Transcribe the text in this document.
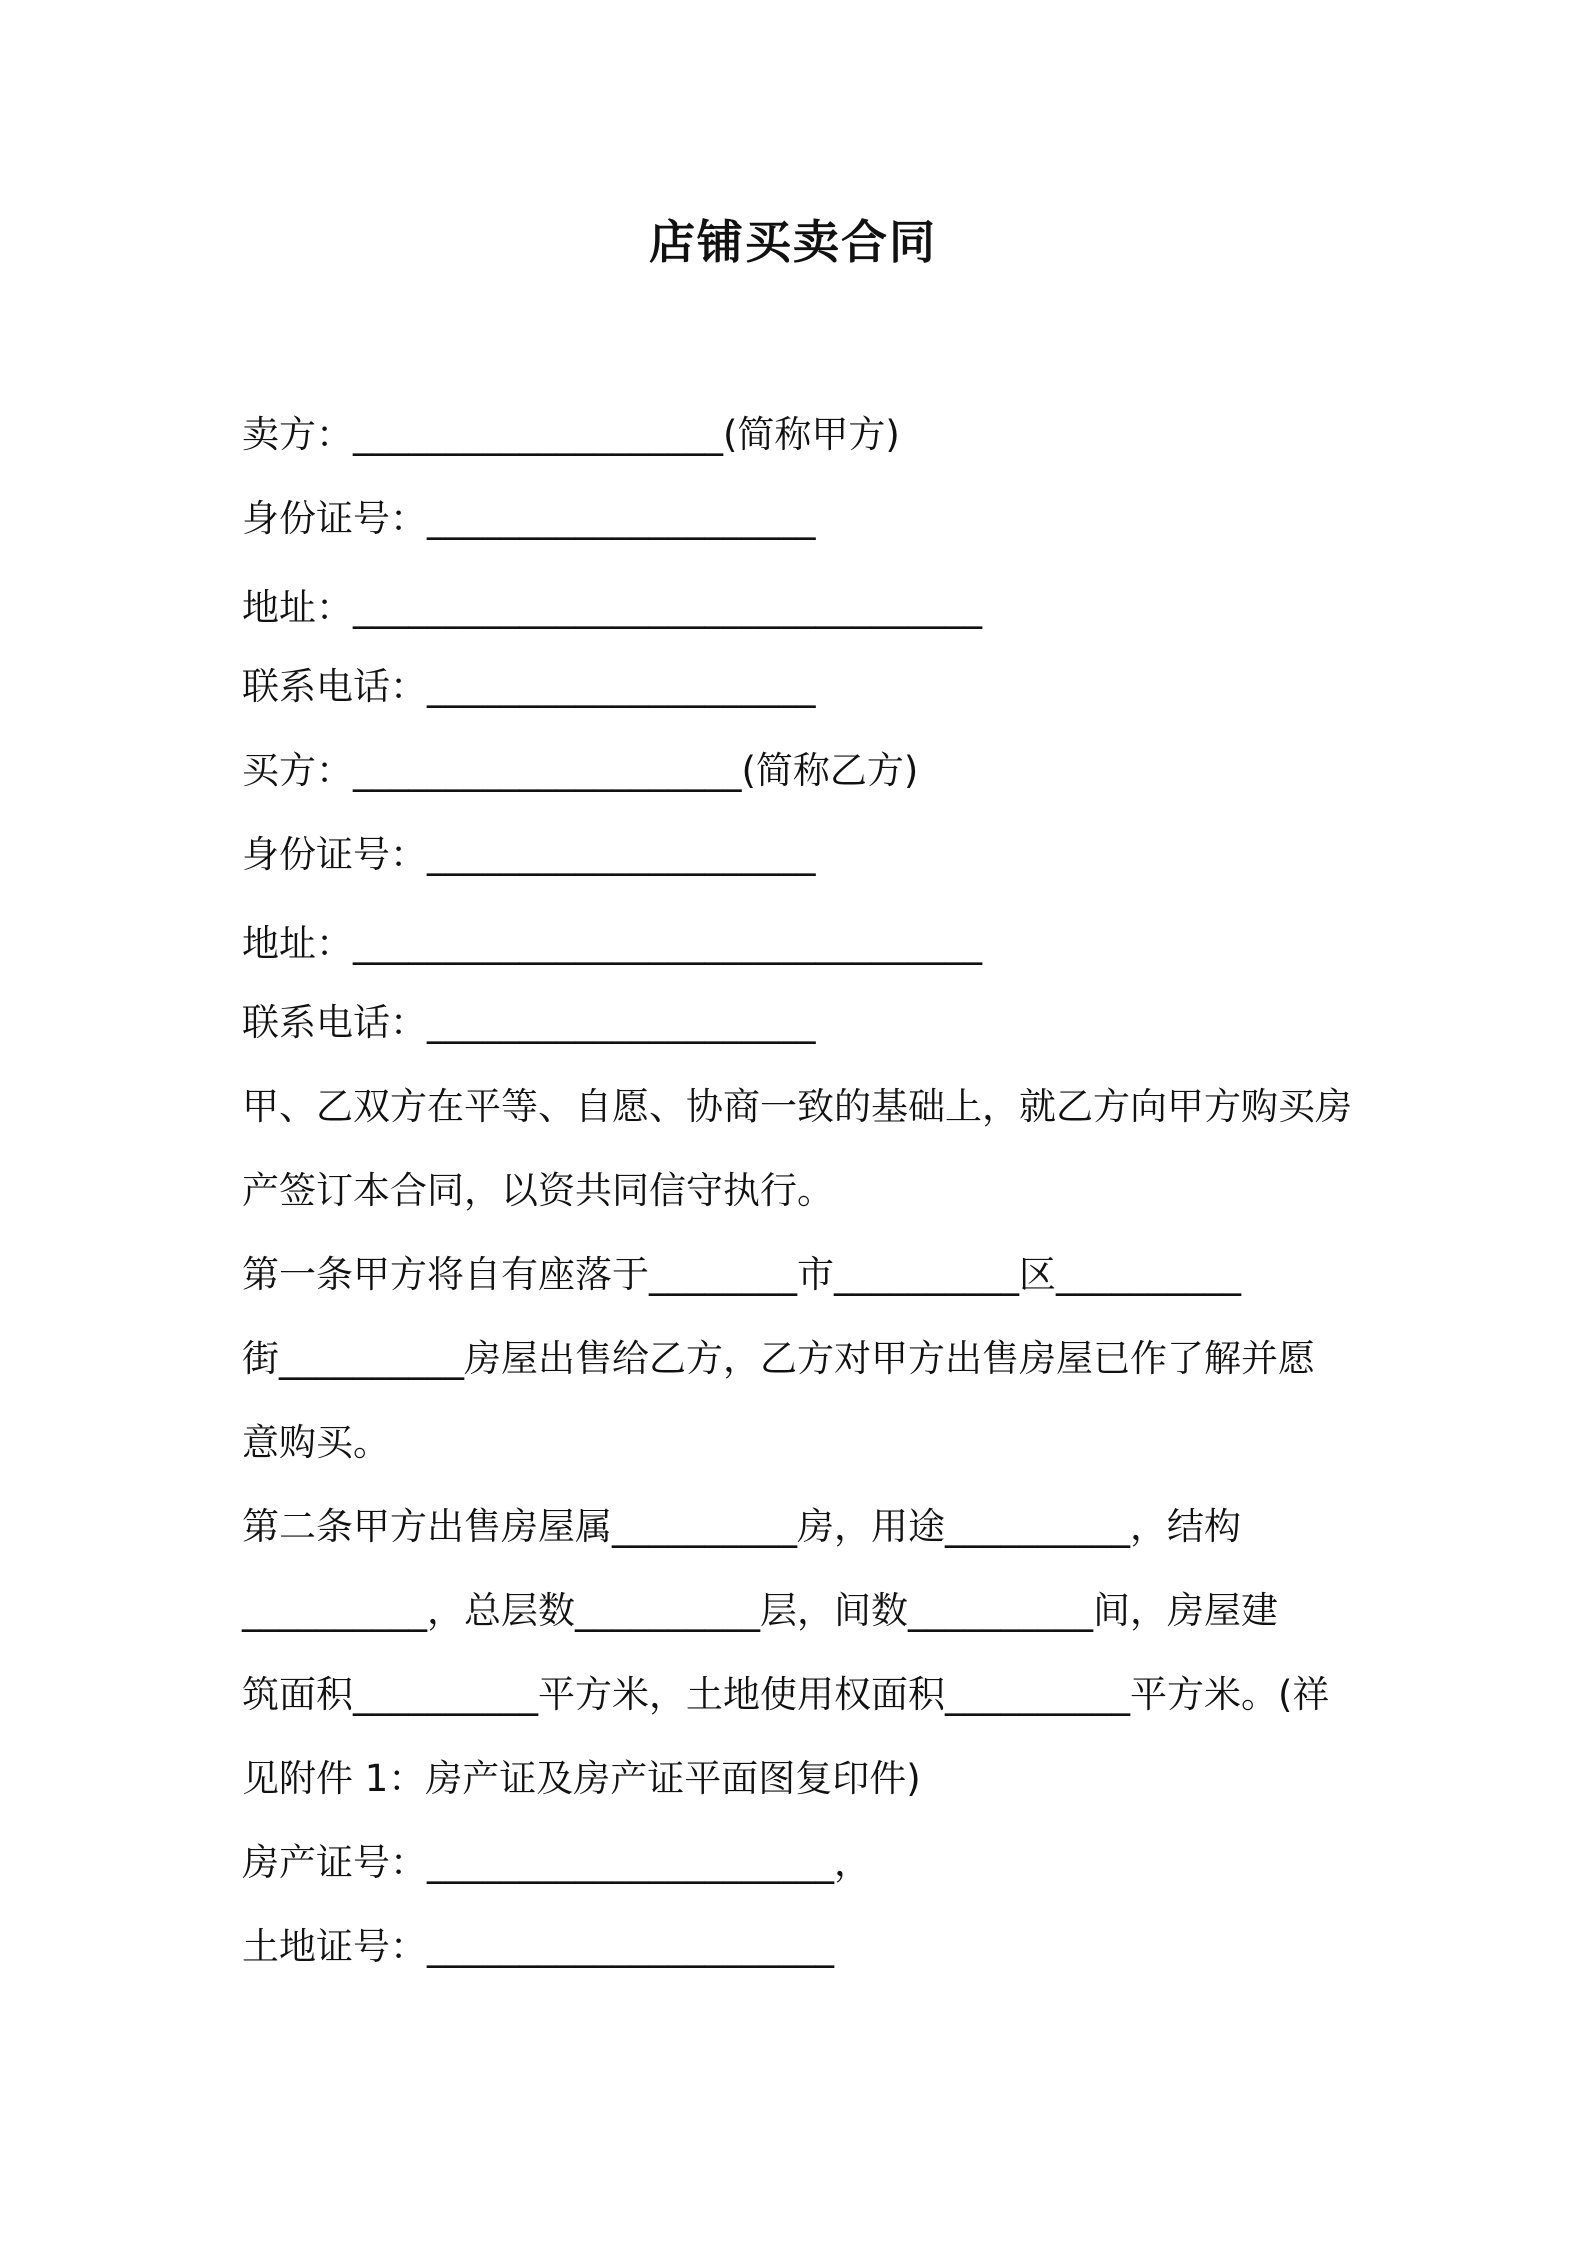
店铺买卖合同
卖方：____________________(简称甲方)
身份证号：_____________________
地址：__________________________________
联系电话：_____________________
买方：_____________________(简称乙方)
身份证号：_____________________
地址：__________________________________
联系电话：_____________________
甲、乙双方在平等、自愿、协商一致的基础上，就乙方向甲方购买房
产签订本合同，以资共同信守执行。
第一条甲方将自有座落于________市__________区__________
街__________房屋出售给乙方，乙方对甲方出售房屋已作了解并愿
意购买。
第二条甲方出售房屋属__________房，用途__________，结构
__________，总层数__________层，间数__________间，房屋建
筑面积__________平方米，土地使用权面积__________平方米。(祥
见附件 1：房产证及房产证平面图复印件)
房产证号：______________________，
土地证号：______________________
